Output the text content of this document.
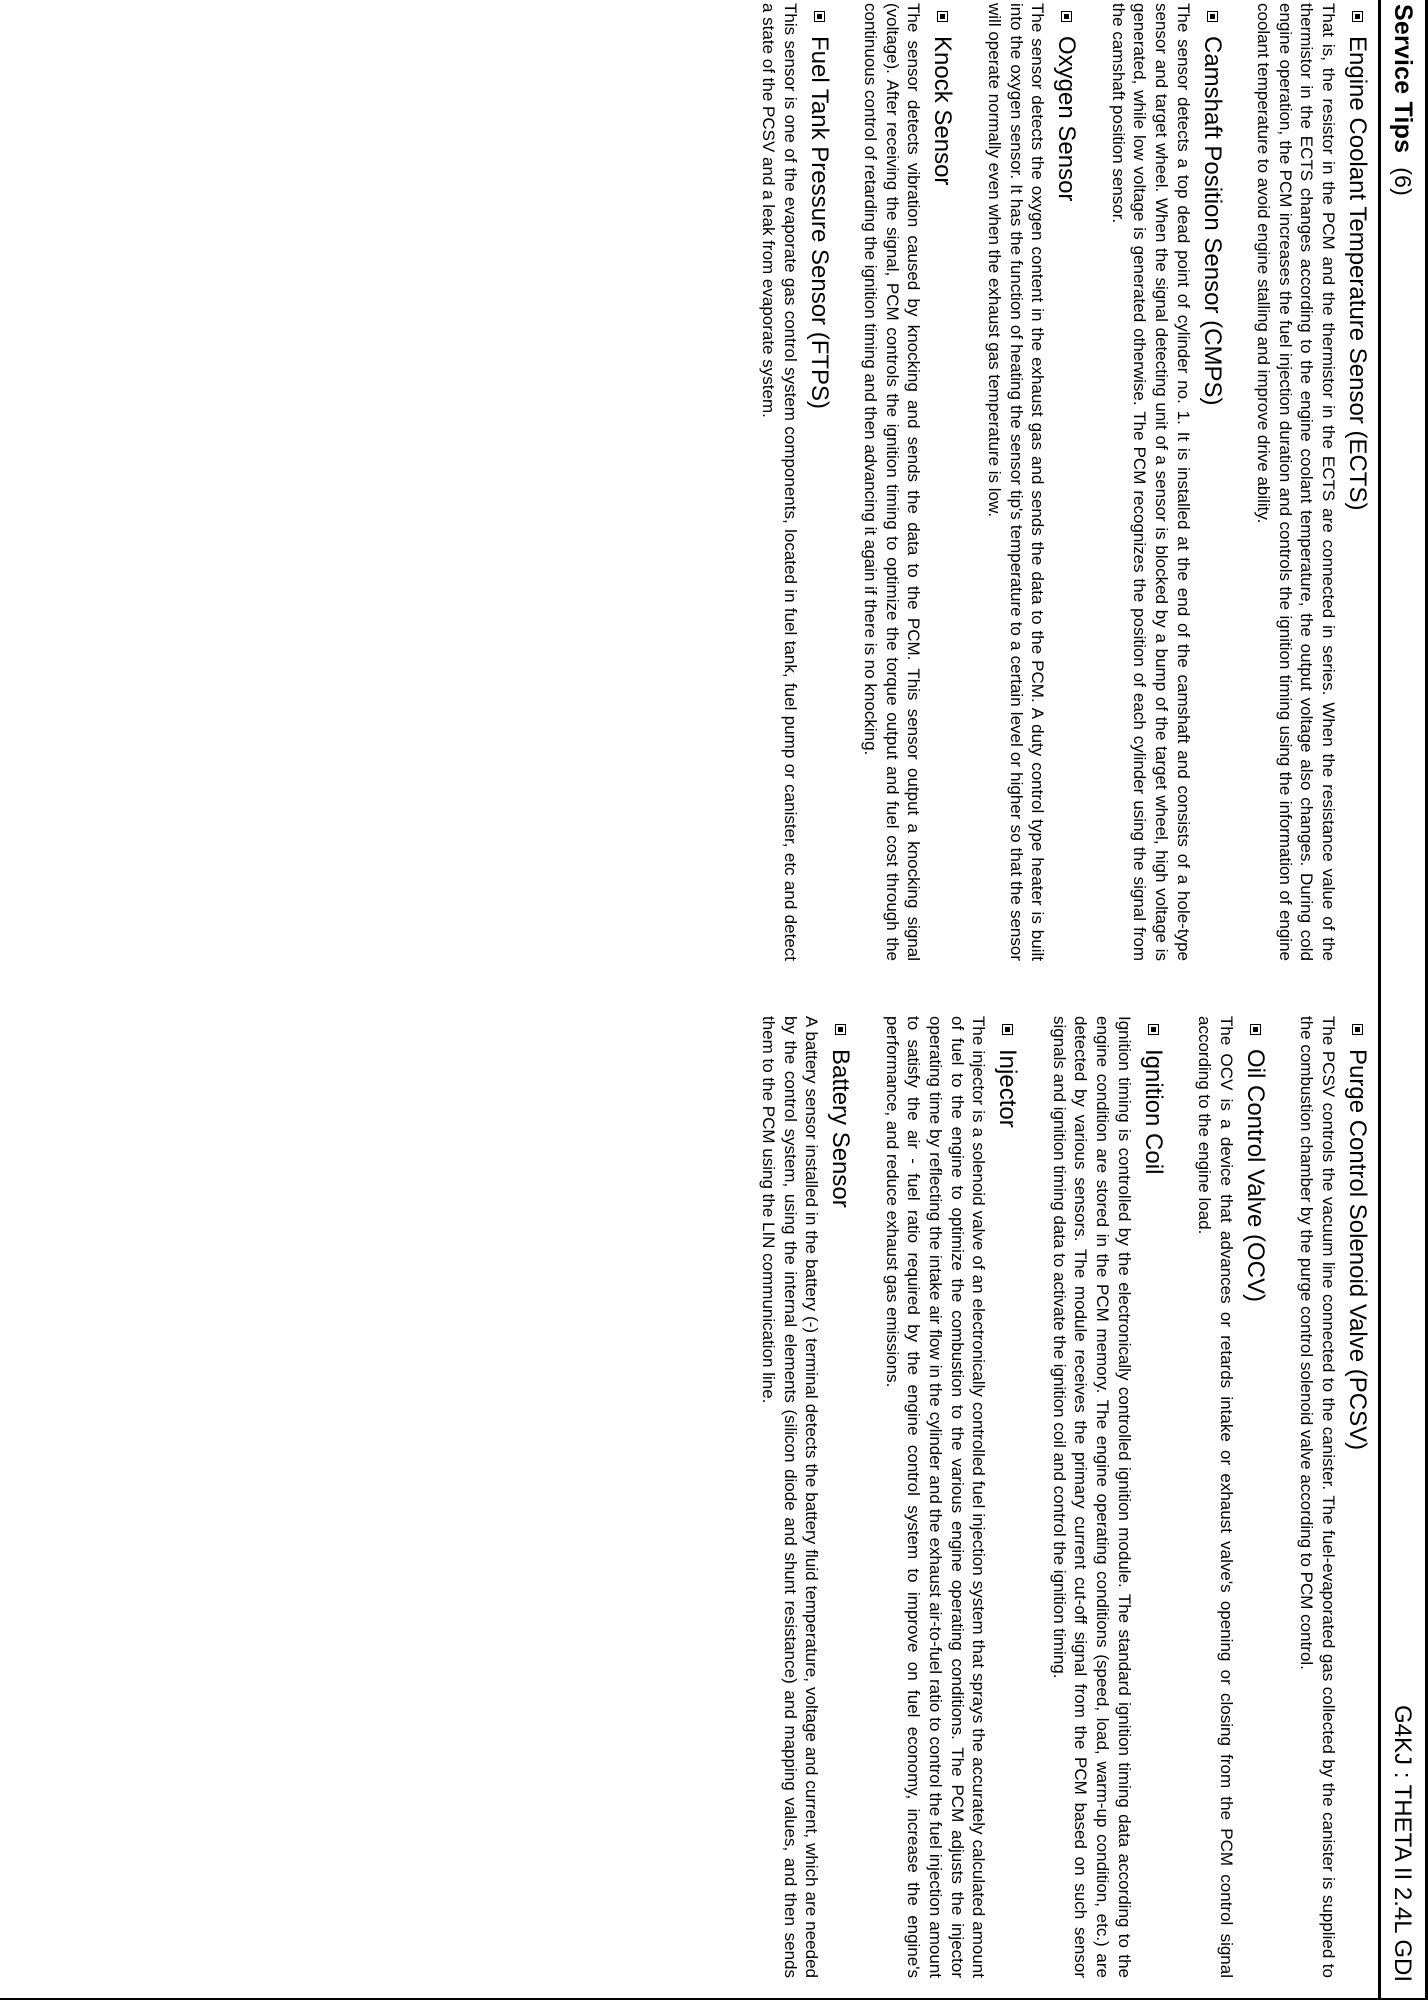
Service Tips(6)
G4KJ : THETA II 2.4L GDI
Engine Coolant Temperature Sensor (ECTS)

That is, the resistor in the PCM and the thermistor in the ECTS are connected in series. When the resistance value of the thermistor in the ECTS changes according to the engine coolant temperature, the output voltage also changes. During cold engine operation, the PCM increases the fuel injection duration and controls the ignition timing using the information of engine coolant temperature to avoid engine stalling and improve drive ability.

Camshaft Position Sensor (CMPS)

The sensor detects a top dead point of cylinder no. 1. It is installed at the end of the camshaft and consists of a hole-type sensor and target wheel. When the signal detecting unit of a sensor is blocked by a bump of the target wheel, high voltage is generated, while low voltage is generated otherwise. The PCM recognizes the position of each cylinder using the signal from the camshaft position sensor.

Oxygen Sensor

The sensor detects the oxygen content in the exhaust gas and sends the data to the PCM. A duty control type heater is built into the oxygen sensor. It has the function of heating the sensor tip's temperature to a certain level or higher so that the sensor will operate normally even when the exhaust gas temperature is low.

Knock Sensor

The sensor detects vibration caused by knocking and sends the data to the PCM. This sensor output a knocking signal (voltage). After receiving the signal, PCM controls the ignition timing to optimize the torque output and fuel cost through the continuous control of retarding the ignition timing and then advancing it again if there is no knocking.

Fuel Tank Pressure Sensor (FTPS)

This sensor is one of the evaporate gas control system components, located in fuel tank, fuel pump or canister, etc and detect a state of the PCSV and a leak from evaporate system.

Purge Control Solenoid Valve (PCSV)

The PCSV controls the vacuum line connected to the canister. The fuel-evaporated gas collected by the canister is supplied to the combustion chamber by the purge control solenoid valve according to PCM control.

Oil Control Valve (OCV)

The OCV is a device that advances or retards intake or exhaust valve's opening or closing from the PCM control signal according to the engine load.

Ignition Coil

Ignition timing is controlled by the electronically controlled ignition module. The standard ignition timing data according to the engine condition are stored in the PCM memory. The engine operating conditions (speed, load, warm-up condition, etc.) are detected by various sensors. The module receives the primary current cut-off signal from the PCM based on such sensor signals and ignition timing data to activate the ignition coil and control the ignition timing.

Injector

The injector is a solenoid valve of an electronically controlled fuel injection system that sprays the accurately calculated amount of fuel to the engine to optimize the combustion to the various engine operating conditions. The PCM adjusts the injector operating time by reflecting the intake air flow in the cylinder and the exhaust air-to-fuel ratio to control the fuel injection amount to satisfy the air - fuel ratio required by the engine control system to improve on fuel economy, increase the engine's performance, and reduce exhaust gas emissions.

Battery Sensor

A battery sensor installed in the battery (-) terminal detects the battery fluid temperature, voltage and current, which are needed by the control system, using the internal elements (silicon diode and shunt resistance) and mapping values, and then sends them to the PCM using the LIN communication line.
